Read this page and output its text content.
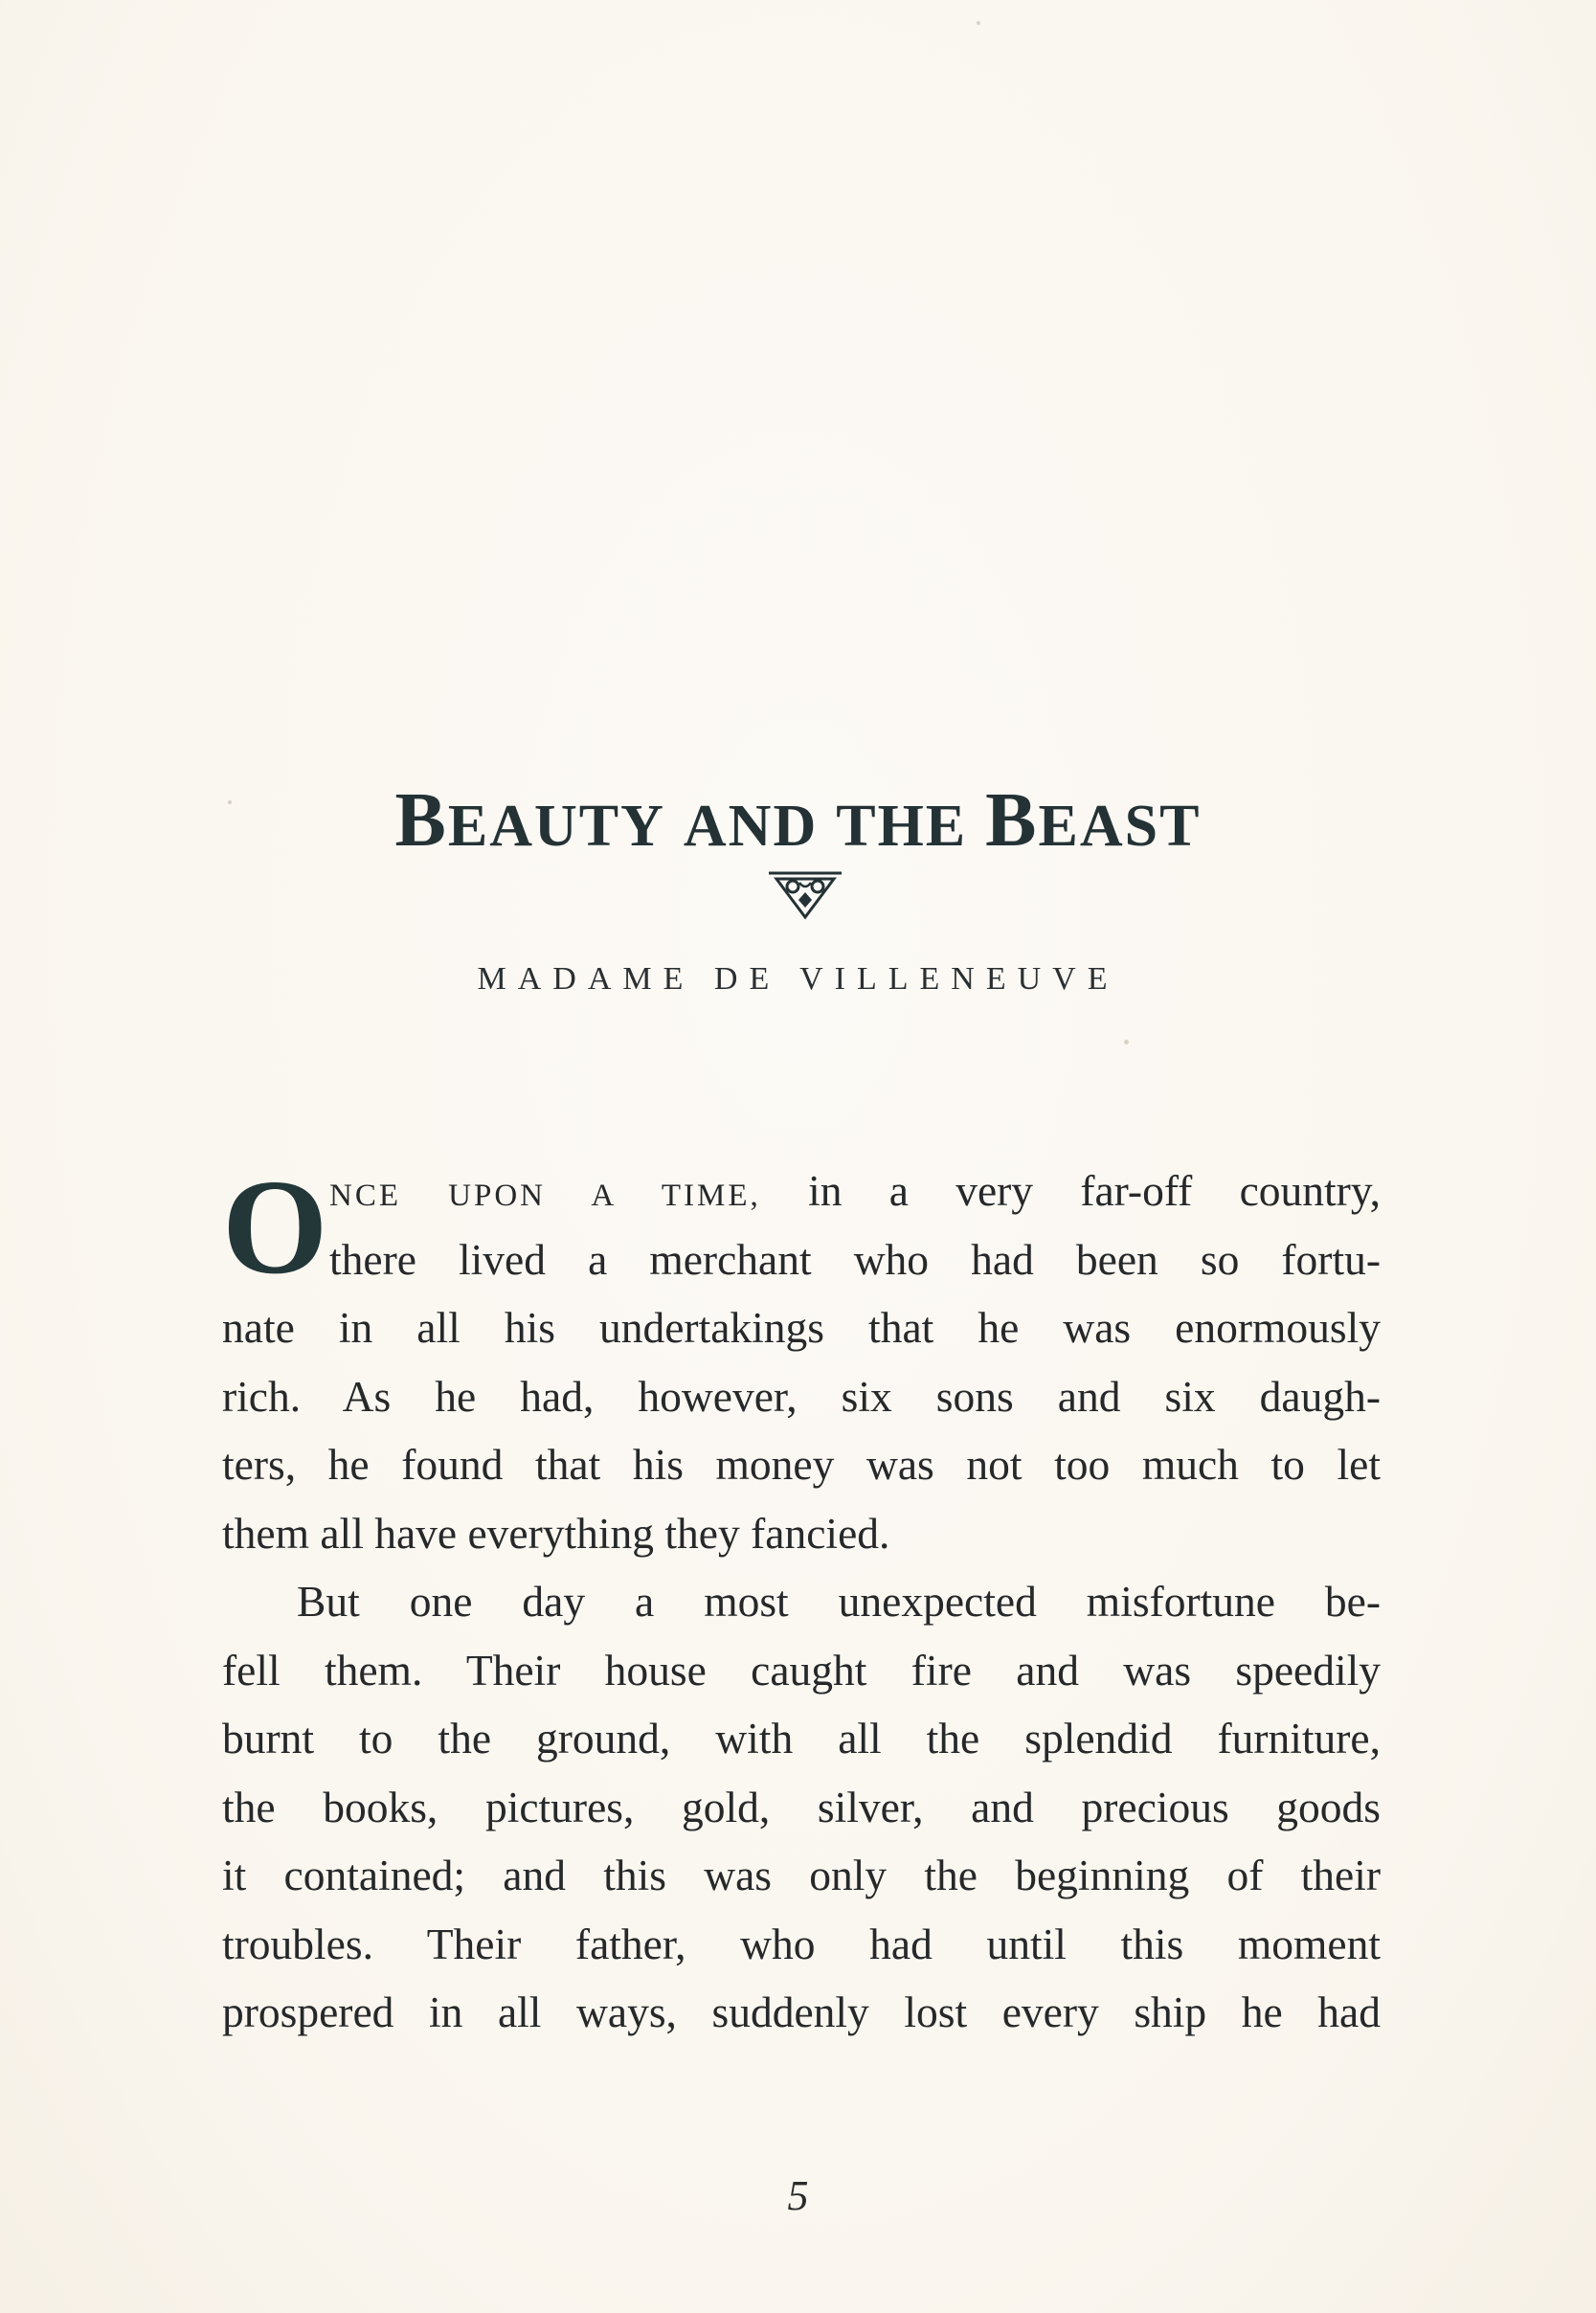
BEAUTY AND THE BEAST
MADAME DE VILLENEUVE
O NCE UPON A TIME, in a very far-off country,
there lived a merchant who had been so fortu-
nate in all his undertakings that he was enormously
rich. As he had, however, six sons and six daugh-
ters, he found that his money was not too much to let
them all have everything they fancied.
But one day a most unexpected misfortune be-
fell them. Their house caught fire and was speedily
burnt to the ground, with all the splendid furniture,
the books, pictures, gold, silver, and precious goods
it contained; and this was only the beginning of their
troubles. Their father, who had until this moment
prospered in all ways, suddenly lost every ship he had
5
